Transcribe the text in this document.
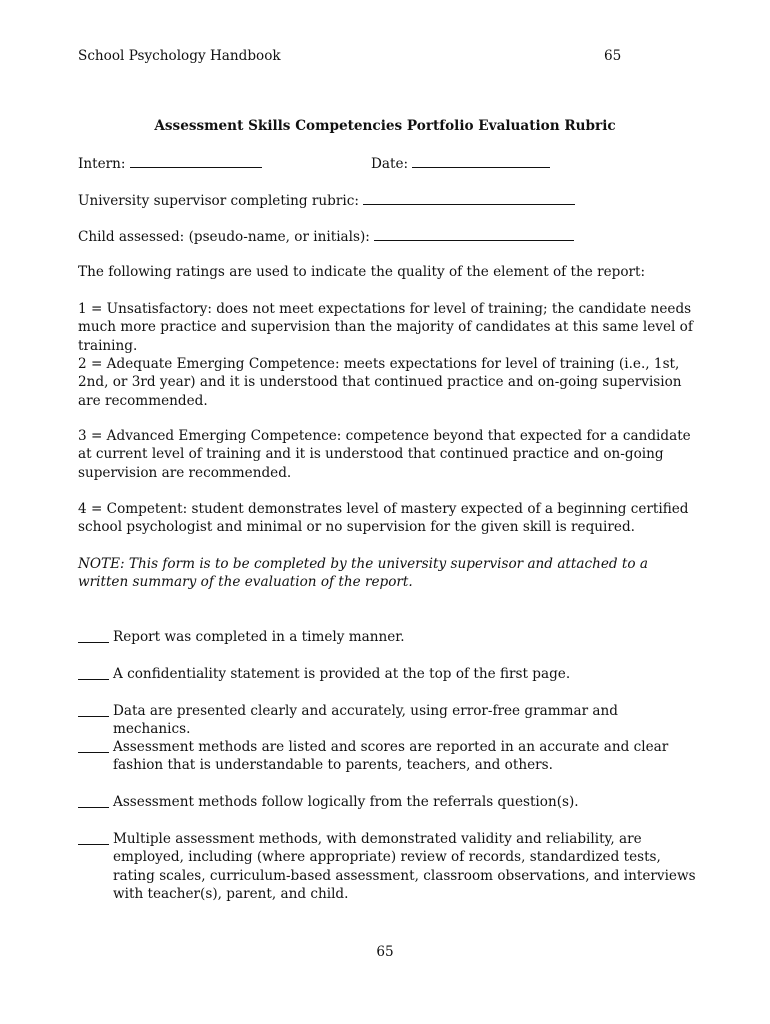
School Psychology Handbook	65
Assessment Skills Competencies Portfolio Evaluation Rubric
Intern:	Date:
University supervisor completing rubric:
Child assessed: (pseudo-name, or initials):
The following ratings are used to indicate the quality of the element of the report:
1 = Unsatisfactory: does not meet expectations for level of training; the candidate needs much more practice and supervision than the majority of candidates at this same level of training.
2 = Adequate Emerging Competence: meets expectations for level of training (i.e., 1st, 2nd, or 3rd year) and it is understood that continued practice and on-going supervision are recommended.
3 = Advanced Emerging Competence: competence beyond that expected for a candidate at current level of training and it is understood that continued practice and on-going supervision are recommended.
4 = Competent: student demonstrates level of mastery expected of a beginning certified school psychologist and minimal or no supervision for the given skill is required.
NOTE: This form is to be completed by the university supervisor and attached to a written summary of the evaluation of the report.
Report was completed in a timely manner.
A confidentiality statement is provided at the top of the first page.
Data are presented clearly and accurately, using error-free grammar and mechanics.
Assessment methods are listed and scores are reported in an accurate and clear fashion that is understandable to parents, teachers, and others.
Assessment methods follow logically from the referrals question(s).
Multiple assessment methods, with demonstrated validity and reliability, are employed, including (where appropriate) review of records, standardized tests, rating scales, curriculum-based assessment, classroom observations, and interviews with teacher(s), parent, and child.
65
